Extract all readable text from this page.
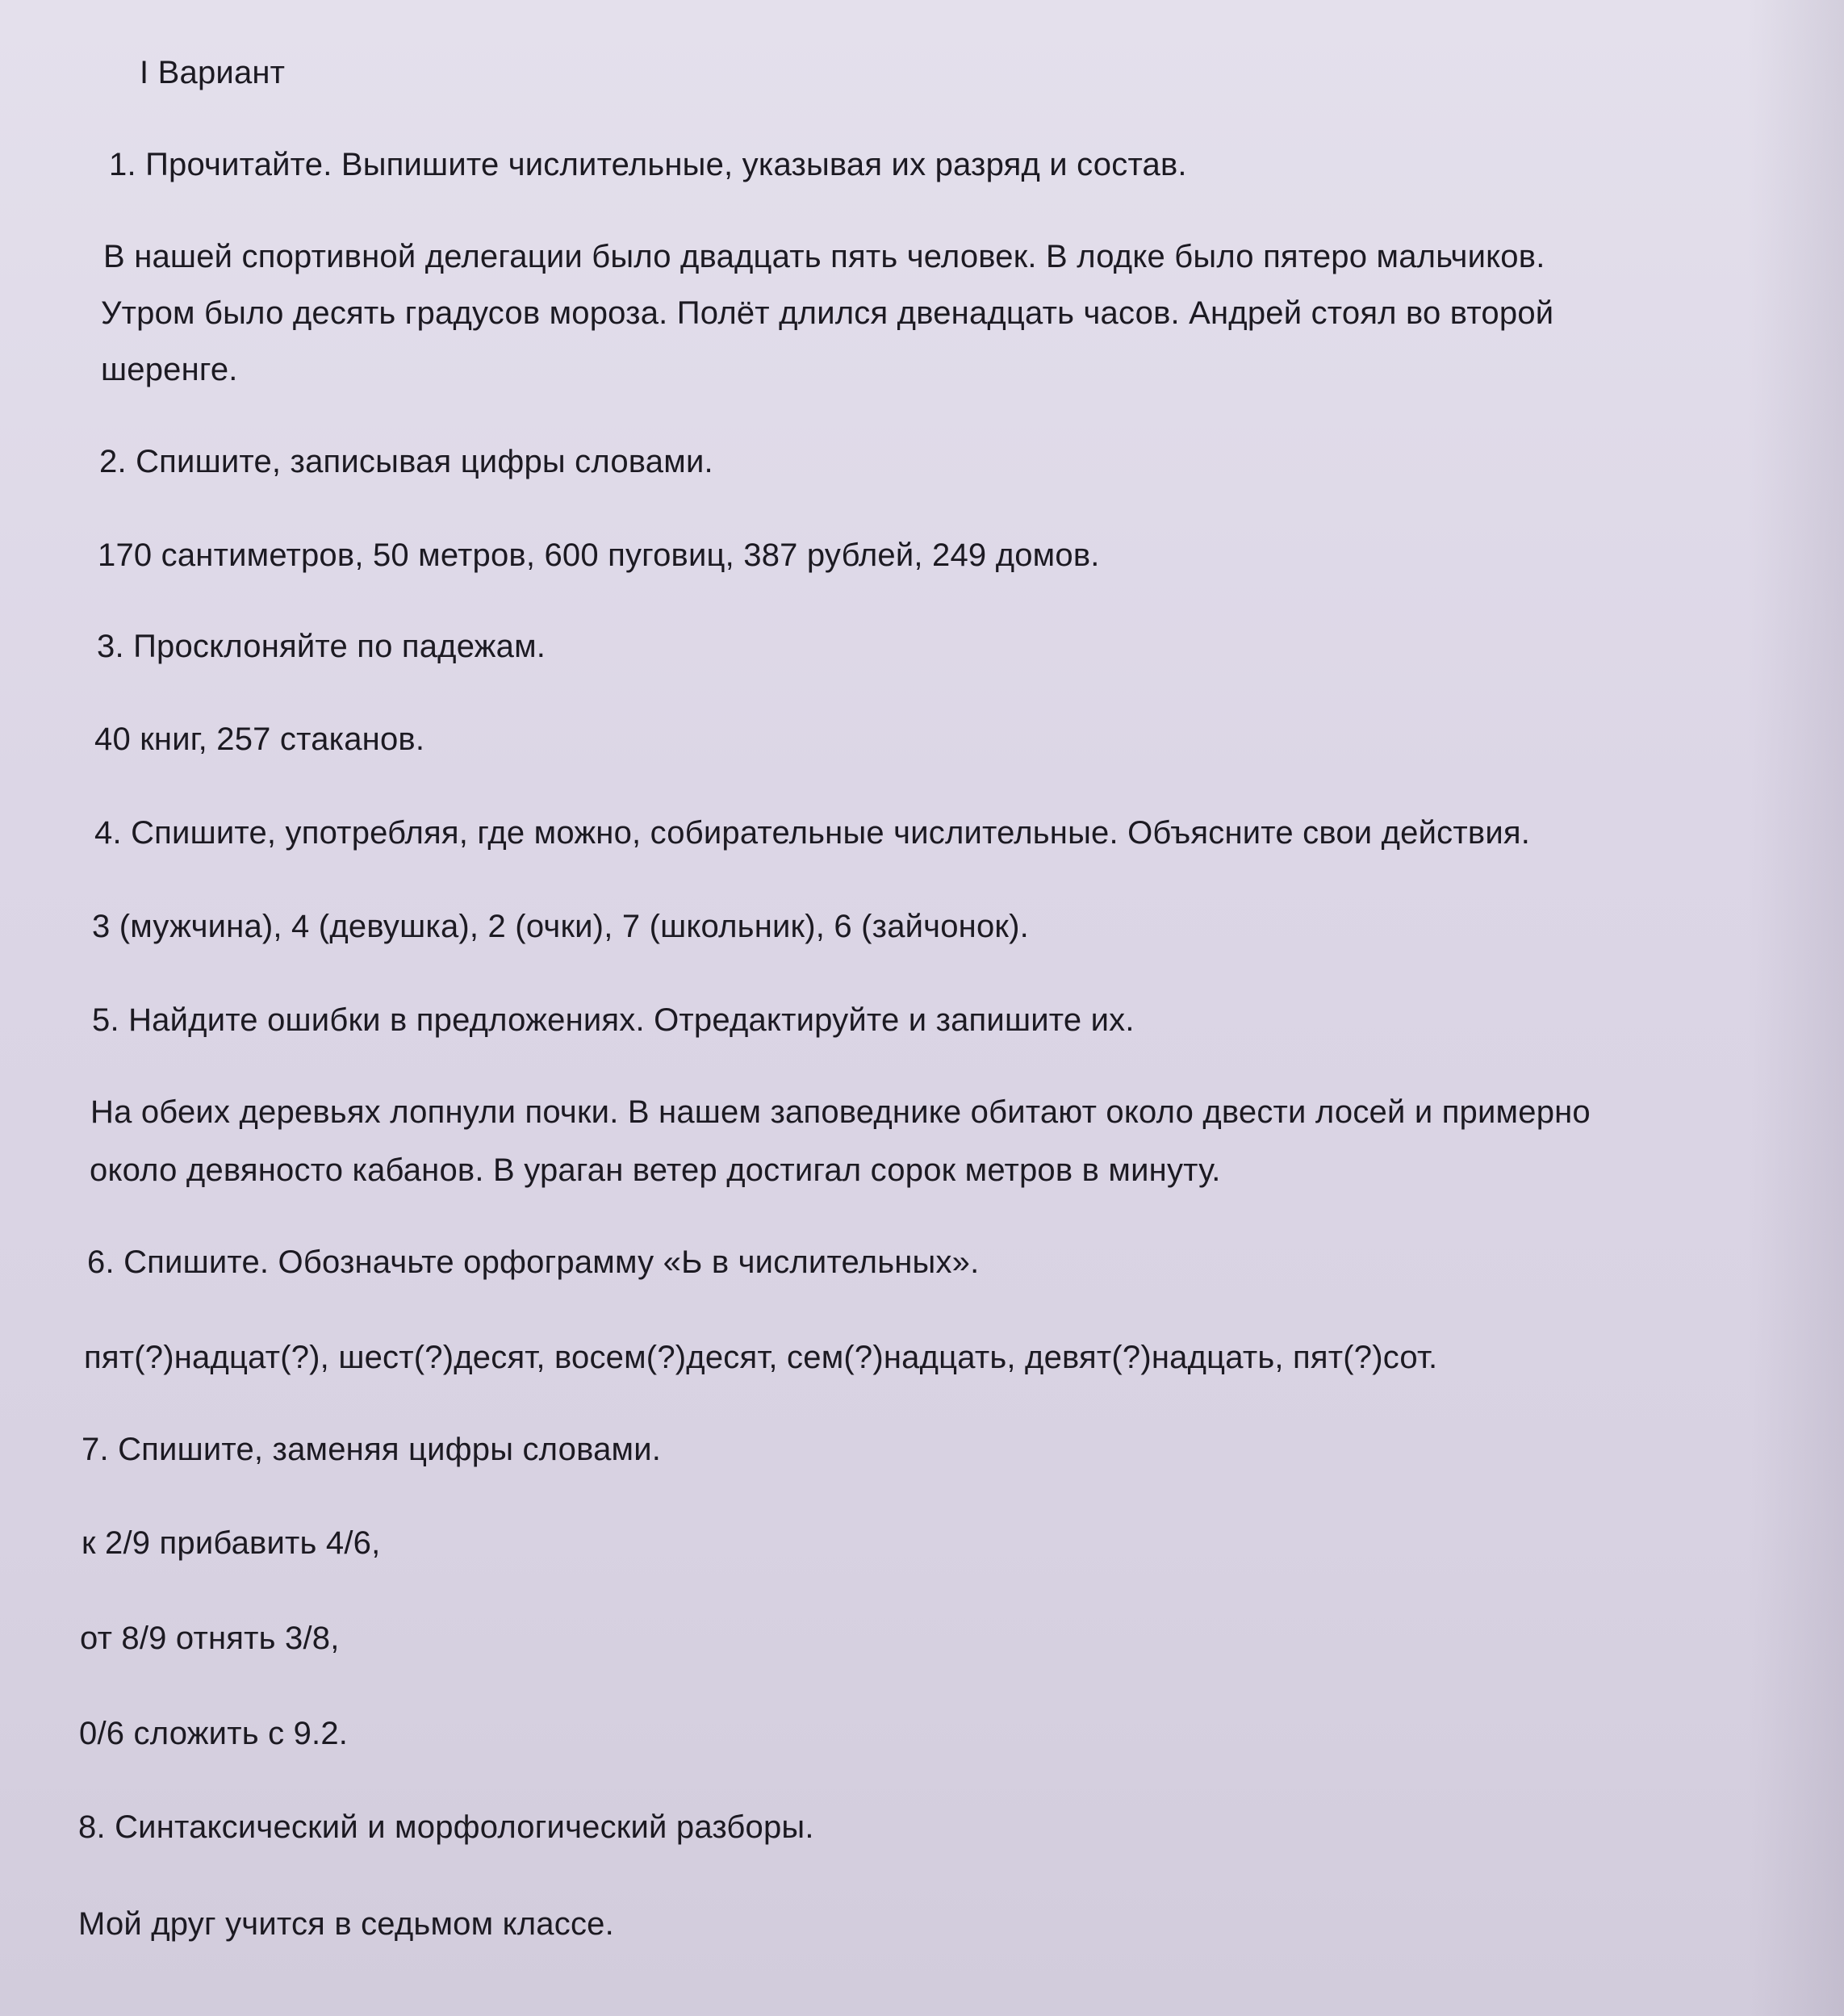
I Вариант
1. Прочитайте. Выпишите числительные, указывая их разряд и состав.
В нашей спортивной делегации было двадцать пять человек. В лодке было пятеро мальчиков.
Утром было десять градусов мороза. Полёт длился двенадцать часов. Андрей стоял во второй
шеренге.
2. Спишите, записывая цифры словами.
170 сантиметров, 50 метров, 600 пуговиц, 387 рублей, 249 домов.
3. Просклоняйте по падежам.
40 книг, 257 стаканов.
4. Спишите, употребляя, где можно, собирательные числительные. Объясните свои действия.
3 (мужчина), 4 (девушка), 2 (очки), 7 (школьник), 6 (зайчонок).
5. Найдите ошибки в предложениях. Отредактируйте и запишите их.
На обеих деревьях лопнули почки. В нашем заповеднике обитают около двести лосей и примерно
около девяносто кабанов. В ураган ветер достигал сорок метров в минуту.
6. Спишите. Обозначьте орфограмму «Ь в числительных».
пят(?)надцат(?), шест(?)десят, восем(?)десят, сем(?)надцать, девят(?)надцать, пят(?)сот.
7. Спишите, заменяя цифры словами.
к 2/9 прибавить 4/6,
от 8/9 отнять 3/8,
0/6 сложить с 9.2.
8. Синтаксический и морфологический разборы.
Мой друг учится в седьмом классе.
